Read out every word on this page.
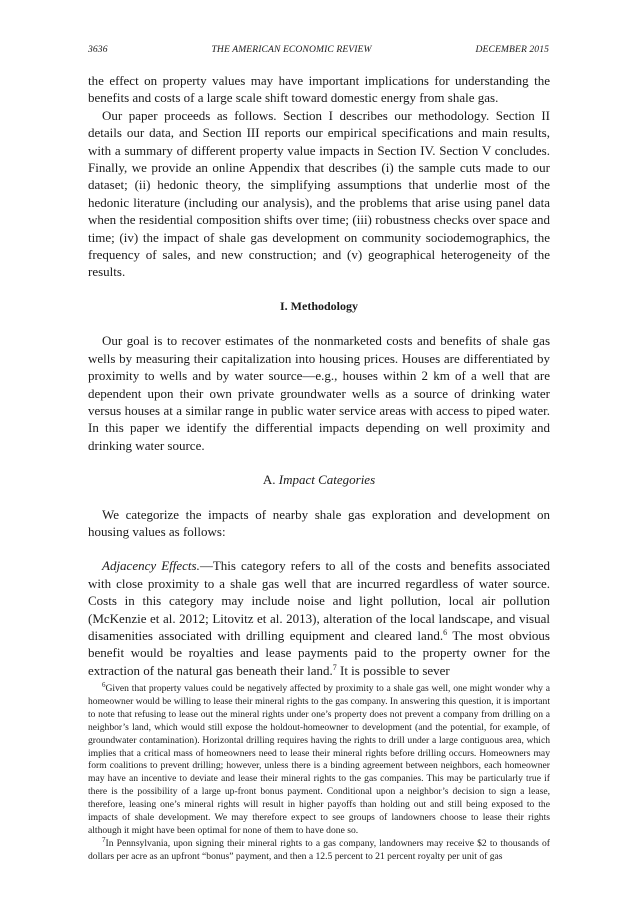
3636	THE AMERICAN ECONOMIC REVIEW	DECEMBER 2015

the effect on property values may have important implications for understanding the benefits and costs of a large scale shift toward domestic energy from shale gas.

Our paper proceeds as follows. Section I describes our methodology. Section II details our data, and Section III reports our empirical specifications and main results, with a summary of different property value impacts in Section IV. Section V concludes. Finally, we provide an online Appendix that describes (i) the sample cuts made to our dataset; (ii) hedonic theory, the simplifying assumptions that underlie most of the hedonic literature (including our analysis), and the problems that arise using panel data when the residential composition shifts over time; (iii) robustness checks over space and time; (iv) the impact of shale gas development on community sociodemographics, the frequency of sales, and new construction; and (v) geographical heterogeneity of the results.

I. Methodology

Our goal is to recover estimates of the nonmarketed costs and benefits of shale gas wells by measuring their capitalization into housing prices. Houses are differentiated by proximity to wells and by water source—e.g., houses within 2 km of a well that are dependent upon their own private groundwater wells as a source of drinking water versus houses at a similar range in public water service areas with access to piped water. In this paper we identify the differential impacts depending on well proximity and drinking water source.

A. Impact Categories

We categorize the impacts of nearby shale gas exploration and development on housing values as follows:

Adjacency Effects.—This category refers to all of the costs and benefits associated with close proximity to a shale gas well that are incurred regardless of water source. Costs in this category may include noise and light pollution, local air pollution (McKenzie et al. 2012; Litovitz et al. 2013), alteration of the local landscape, and visual disamenities associated with drilling equipment and cleared land.$^6$ The most obvious benefit would be royalties and lease payments paid to the property owner for the extraction of the natural gas beneath their land.$^7$ It is possible to sever

$^6$Given that property values could be negatively affected by proximity to a shale gas well, one might wonder why a homeowner would be willing to lease their mineral rights to the gas company. In answering this question, it is important to note that refusing to lease out the mineral rights under one’s property does not prevent a company from drilling on a neighbor’s land, which would still expose the holdout-homeowner to development (and the potential, for example, of groundwater contamination). Horizontal drilling requires having the rights to drill under a large contiguous area, which implies that a critical mass of homeowners need to lease their mineral rights before drilling occurs. Homeowners may form coalitions to prevent drilling; however, unless there is a binding agreement between neighbors, each homeowner may have an incentive to deviate and lease their mineral rights to the gas companies. This may be particularly true if there is the possibility of a large up-front bonus payment. Conditional upon a neighbor’s decision to sign a lease, therefore, leasing one’s mineral rights will result in higher payoffs than holding out and still being exposed to the impacts of shale development. We may therefore expect to see groups of landowners choose to lease their rights although it might have been optimal for none of them to have done so.

$^7$In Pennsylvania, upon signing their mineral rights to a gas company, landowners may receive $2 to thousands of dollars per acre as an upfront “bonus” payment, and then a 12.5 percent to 21 percent royalty per unit of gas
